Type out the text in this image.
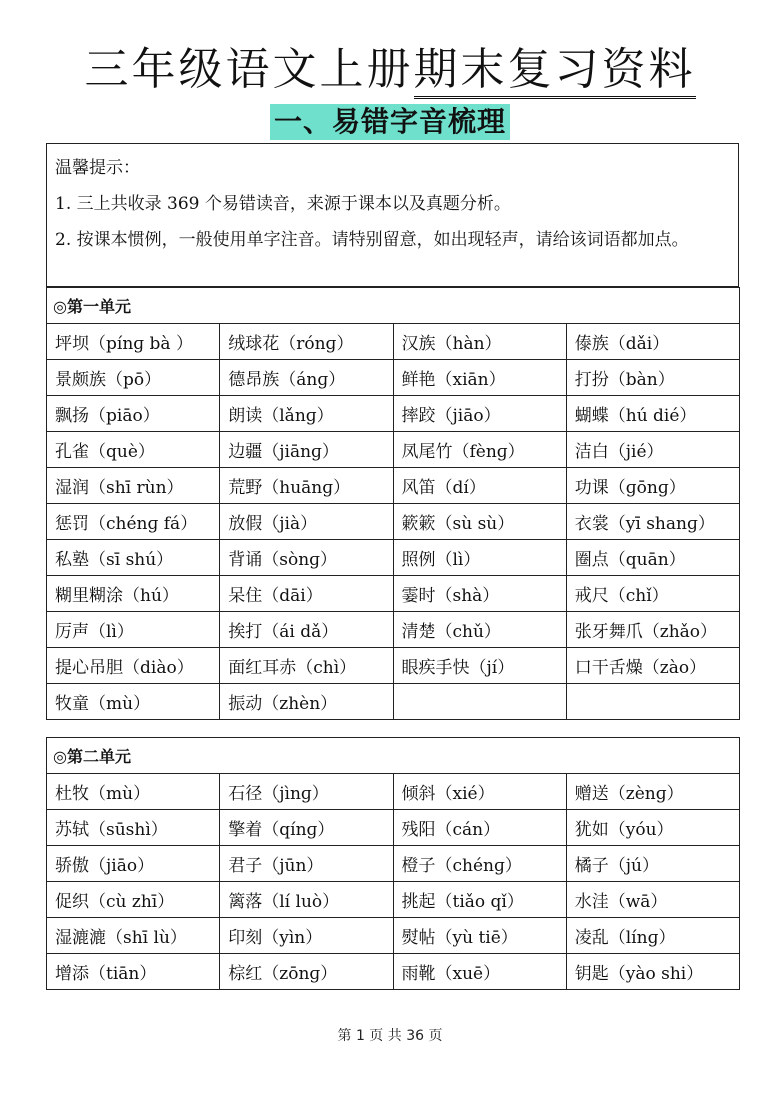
三年级语文上册期末复习资料
一、易错字音梳理
温馨提示：
1. 三上共收录 369 个易错读音，来源于课本以及真题分析。
2. 按课本惯例，一般使用单字注音。请特别留意，如出现轻声，请给该词语都加点。
◎第一单元			
坪坝（pínɡ bà ）	绒球花（rónɡ）	汉族（hàn）	傣族（dǎi）
景颇族（pō）	德昂族（ánɡ）	鲜艳（xiān）	打扮（bàn）
飘扬（piāo）	朗读（lǎnɡ）	摔跤（jiāo）	蝴蝶（hú dié）
孔雀（què）	边疆（jiānɡ）	凤尾竹（fènɡ）	洁白（jié）
湿润（shī rùn）	荒野（huānɡ）	风笛（dí）	功课（ɡōnɡ）
惩罚（chénɡ fá）	放假（jià）	簌簌（sù sù）	衣裳（yī shanɡ）
私塾（sī shú）	背诵（sònɡ）	照例（lì）	圈点（quān）
糊里糊涂（hú）	呆住（dāi）	霎时（shà）	戒尺（chǐ）
厉声（lì）	挨打（ái dǎ）	清楚（chǔ）	张牙舞爪（zhǎo）
提心吊胆（diào）	面红耳赤（chì）	眼疾手快（jí）	口干舌燥（zào）
牧童（mù）	振动（zhèn）		
◎第二单元			
杜牧（mù）	石径（jìnɡ）	倾斜（xié）	赠送（zènɡ）
苏轼（sūshì）	擎着（qínɡ）	残阳（cán）	犹如（yóu）
骄傲（jiāo）	君子（jūn）	橙子（chénɡ）	橘子（jú）
促织（cù zhī）	篱落（lí luò）	挑起（tiǎo qǐ）	水洼（wā）
湿漉漉（shī lù）	印刻（yìn）	熨帖（yù tiē）	凌乱（línɡ）
增添（tiān）	棕红（zōnɡ）	雨靴（xuē）	钥匙（yào shi）
第 1 页 共 36 页
